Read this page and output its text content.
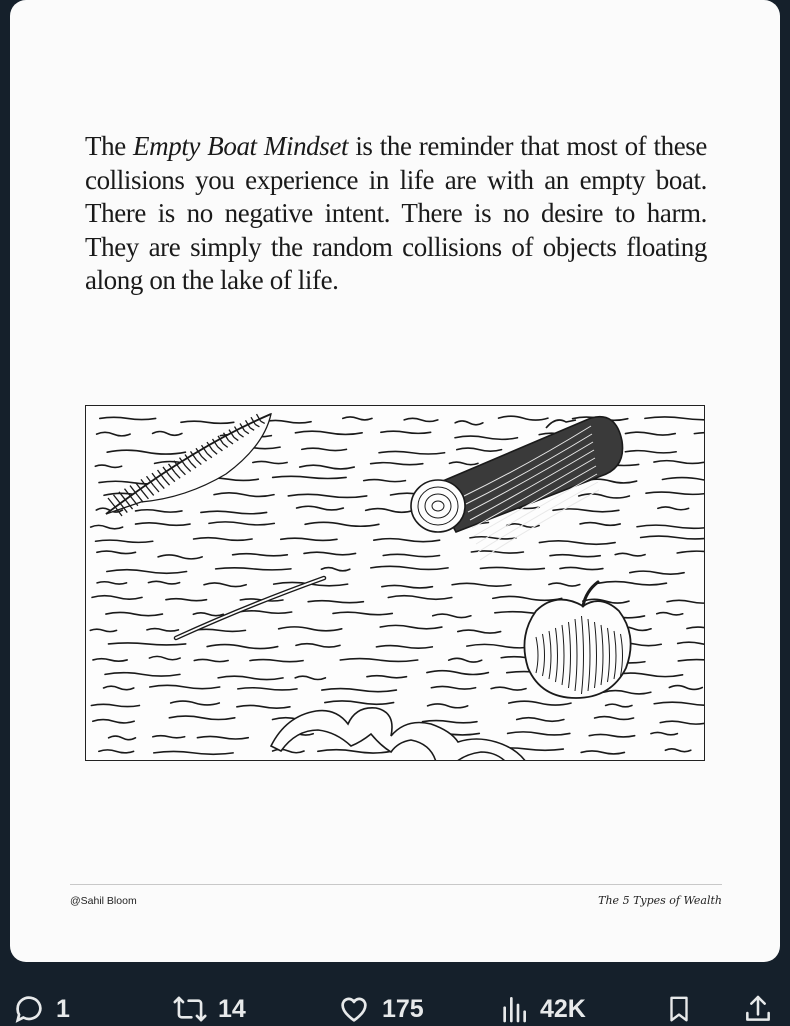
The Empty Boat Mindset is the reminder that most of these collisions you experience in life are with an empty boat. There is no negative intent. There is no desire to harm. They are simply the random collisions of objects floating along on the lake of life.

@Sahil Bloom	The 5 Types of Wealth
1	14	175	42K
